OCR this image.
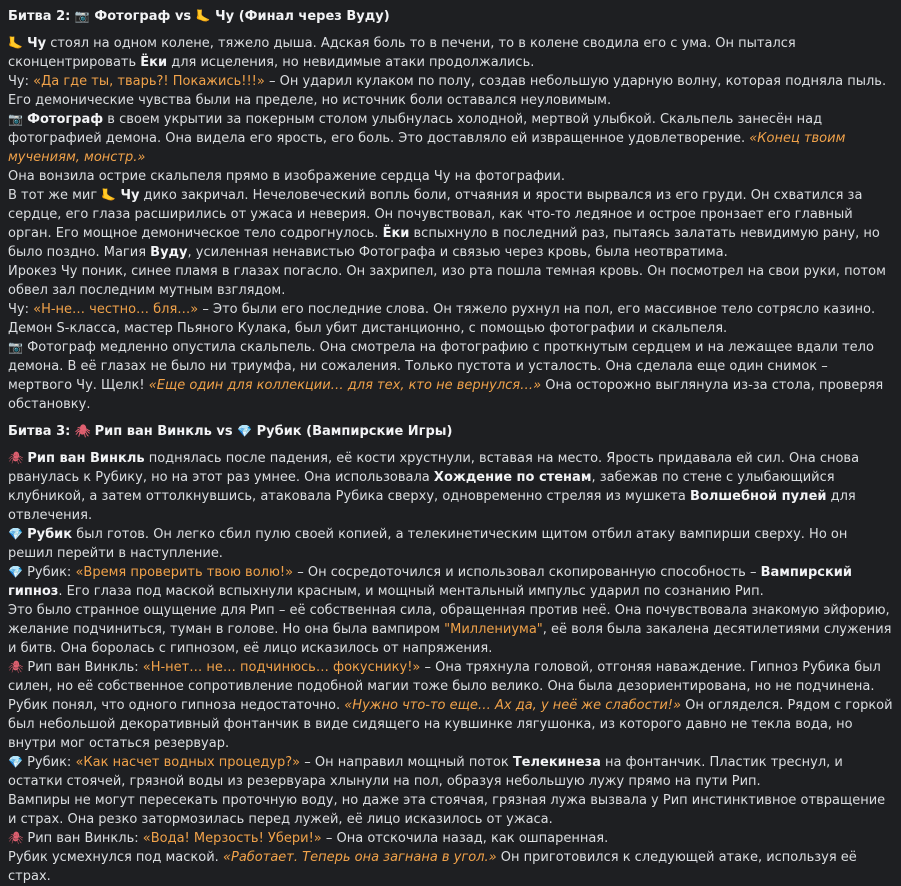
Битва 2: 📷 Фотограф vs 🦶 Чу (Финал через Вуду)

🦶 Чу стоял на одном колене, тяжело дыша. Адская боль то в печени, то в колене сводила его с ума. Он пытался сконцентрировать Ёки для исцеления, но невидимые атаки продолжались.

Чу: «Да где ты, тварь?! Покажись!!!» – Он ударил кулаком по полу, создав небольшую ударную волну, которая подняла пыль. Его демонические чувства были на пределе, но источник боли оставался неуловимым.

📷 Фотограф в своем укрытии за покерным столом улыбнулась холодной, мертвой улыбкой. Скальпель занесён над фотографией демона. Она видела его ярость, его боль. Это доставляло ей извращенное удовлетворение. «Конец твоим мучениям, монстр.»

Она вонзила острие скальпеля прямо в изображение сердца Чу на фотографии.

В тот же миг 🦶 Чу дико закричал. Нечеловеческий вопль боли, отчаяния и ярости вырвался из его груди. Он схватился за сердце, его глаза расширились от ужаса и неверия. Он почувствовал, как что-то ледяное и острое пронзает его главный орган. Его мощное демоническое тело содрогнулось. Ёки вспыхнуло в последний раз, пытаясь залатать невидимую рану, но было поздно. Магия Вуду, усиленная ненавистью Фотографа и связью через кровь, была неотвратима.

Ирокез Чу поник, синее пламя в глазах погасло. Он захрипел, изо рта пошла темная кровь. Он посмотрел на свои руки, потом обвел зал последним мутным взглядом.

Чу: «Н-не… честно… бля…» – Это были его последние слова. Он тяжело рухнул на пол, его массивное тело сотрясло казино. Демон S-класса, мастер Пьяного Кулака, был убит дистанционно, с помощью фотографии и скальпеля.

📷 Фотограф медленно опустила скальпель. Она смотрела на фотографию с проткнутым сердцем и на лежащее вдали тело демона. В её глазах не было ни триумфа, ни сожаления. Только пустота и усталость. Она сделала еще один снимок – мертвого Чу. Щелк! «Еще один для коллекции… для тех, кто не вернулся…» Она осторожно выглянула из-за стола, проверяя обстановку.

Битва 3: 🕷 Рип ван Винкль vs 💎 Рубик (Вампирские Игры)

🕷 Рип ван Винкль поднялась после падения, её кости хрустнули, вставая на место. Ярость придавала ей сил. Она снова рванулась к Рубику, но на этот раз умнее. Она использовала Хождение по стенам, забежав по стене с улыбающийся клубникой, а затем оттолкнувшись, атаковала Рубика сверху, одновременно стреляя из мушкета Волшебной пулей для отвлечения.

💎 Рубик был готов. Он легко сбил пулю своей копией, а телекинетическим щитом отбил атаку вампирши сверху. Но он решил перейти в наступление.

💎 Рубик: «Время проверить твою волю!» – Он сосредоточился и использовал скопированную способность – Вампирский гипноз. Его глаза под маской вспыхнули красным, и мощный ментальный импульс ударил по сознанию Рип.

Это было странное ощущение для Рип – её собственная сила, обращенная против неё. Она почувствовала знакомую эйфорию, желание подчиниться, туман в голове. Но она была вампиром "Миллениума", её воля была закалена десятилетиями служения и битв. Она боролась с гипнозом, её лицо исказилось от напряжения.

🕷 Рип ван Винкль: «Н-нет… не… подчинюсь… фокуснику!» – Она тряхнула головой, отгоняя наваждение. Гипноз Рубика был силен, но её собственное сопротивление подобной магии тоже было велико. Она была дезориентирована, но не подчинена.

Рубик понял, что одного гипноза недостаточно. «Нужно что-то еще… Ах да, у неё же слабости!» Он огляделся. Рядом с горкой был небольшой декоративный фонтанчик в виде сидящего на кувшинке лягушонка, из которого давно не текла вода, но внутри мог остаться резервуар.

💎 Рубик: «Как насчет водных процедур?» – Он направил мощный поток Телекинеза на фонтанчик. Пластик треснул, и остатки стоячей, грязной воды из резервуара хлынули на пол, образуя небольшую лужу прямо на пути Рип.

Вампиры не могут пересекать проточную воду, но даже эта стоячая, грязная лужа вызвала у Рип инстинктивное отвращение и страх. Она резко затормозилась перед лужей, её лицо исказилось от ужаса.

🕷 Рип ван Винкль: «Вода! Мерзость! Убери!» – Она отскочила назад, как ошпаренная.

Рубик усмехнулся под маской. «Работает. Теперь она загнана в угол.» Он приготовился к следующей атаке, используя её страх.
